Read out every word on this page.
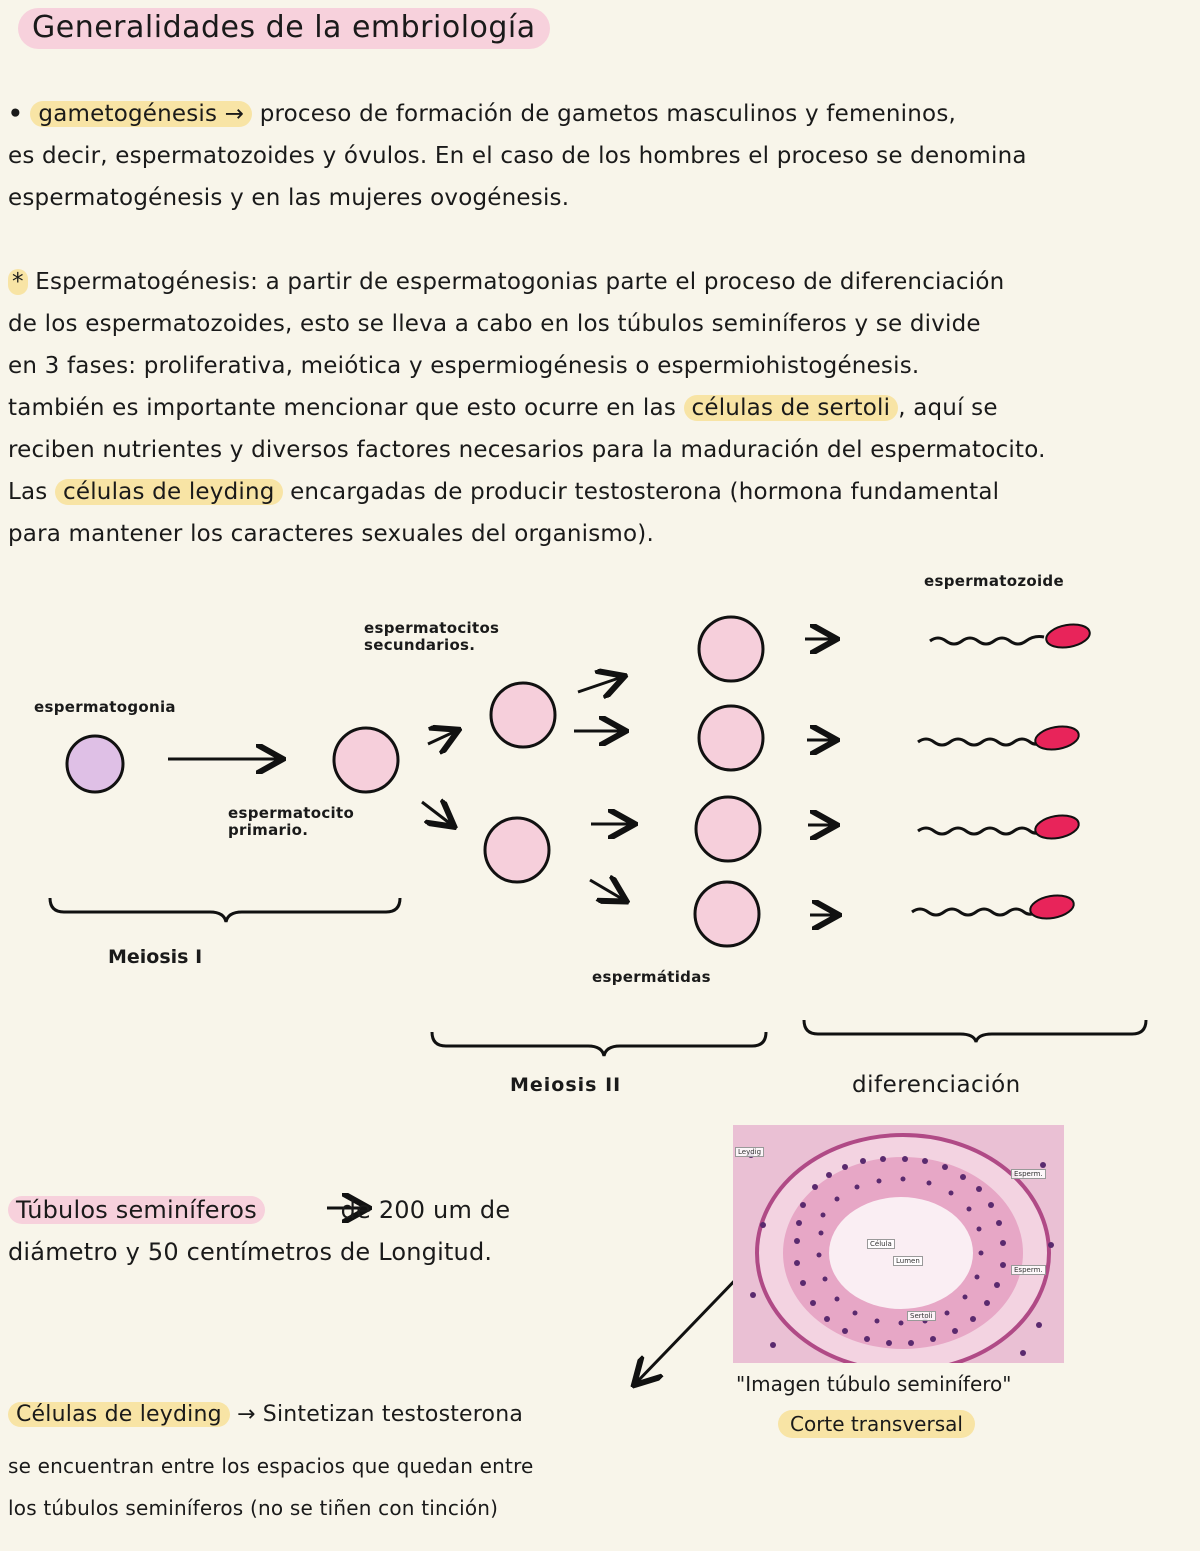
Generalidades de la embriología
• gametogénesis → proceso de formación de gametos masculinos y femeninos,
es decir, espermatozoides y óvulos. En el caso de los hombres el proceso se denomina
espermatogénesis y en las mujeres ovogénesis.
* Espermatogénesis: a partir de espermatogonias parte el proceso de diferenciación
de los espermatozoides, esto se lleva a cabo en los túbulos seminíferos y se divide
en 3 fases: proliferativa, meiótica y espermiogénesis o espermiohistogénesis.
también es importante mencionar que esto ocurre en las células de sertoli , aquí se
reciben nutrientes y diversos factores necesarios para la maduración del espermatocito.
Las células de leyding encargadas de producir testosterona (hormona fundamental
para mantener los caracteres sexuales del organismo).
espermatogonia
espermatocito primario.
espermatocitos secundarios.
espermátidas
espermatozoide
Meiosis I
Meiosis II	diferenciación
Túbulos seminíferos	de 200 um de
diámetro y 50 centímetros de Longitud.	Célula
Lumen
Leydig
Esperm.
Esperm.
Sertoli
"Imagen túbulo seminífero"
Corte transversal
Células de leyding → Sintetizan testosterona
se encuentran entre los espacios que quedan entre
los túbulos seminíferos (no se tiñen con tinción)
